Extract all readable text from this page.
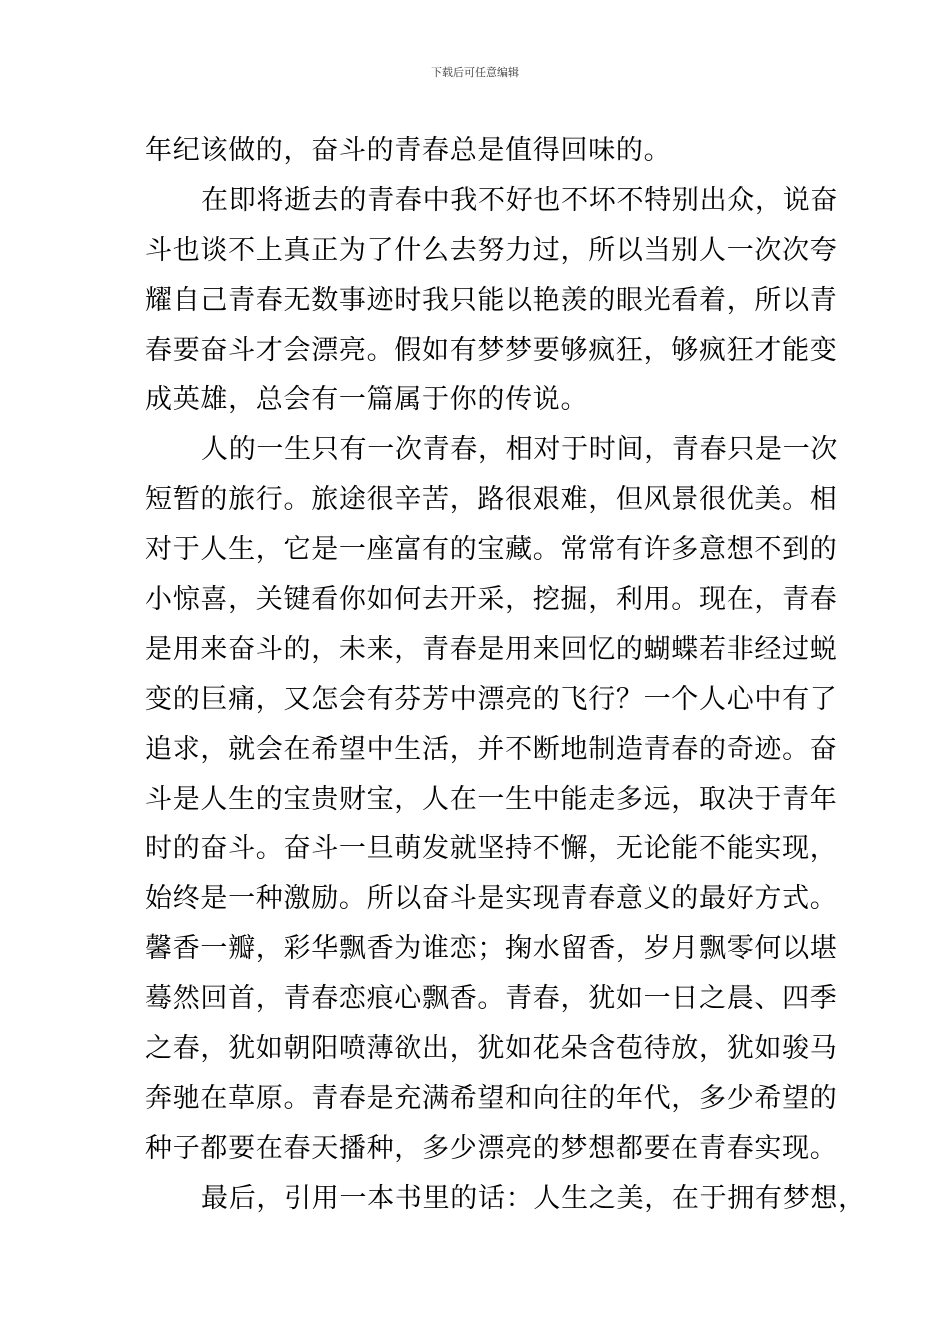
下载后可任意编辑
年纪该做的，奋斗的青春总是值得回味的。
在即将逝去的青春中我不好也不坏不特别出众，说奋
斗也谈不上真正为了什么去努力过，所以当别人一次次夸
耀自己青春无数事迹时我只能以艳羡的眼光看着，所以青
春要奋斗才会漂亮。假如有梦梦要够疯狂，够疯狂才能变
成英雄，总会有一篇属于你的传说。
人的一生只有一次青春，相对于时间，青春只是一次
短暂的旅行。旅途很辛苦，路很艰难，但风景很优美。相
对于人生，它是一座富有的宝藏。常常有许多意想不到的
小惊喜，关键看你如何去开采，挖掘，利用。现在，青春
是用来奋斗的，未来，青春是用来回忆的蝴蝶若非经过蜕
变的巨痛，又怎会有芬芳中漂亮的飞行？一个人心中有了
追求，就会在希望中生活，并不断地制造青春的奇迹。奋
斗是人生的宝贵财宝，人在一生中能走多远，取决于青年
时的奋斗。奋斗一旦萌发就坚持不懈，无论能不能实现，
始终是一种激励。所以奋斗是实现青春意义的最好方式。
馨香一瓣，彩华飘香为谁恋；掬水留香，岁月飘零何以堪
蓦然回首，青春恋痕心飘香。青春，犹如一日之晨、四季
之春，犹如朝阳喷薄欲出，犹如花朵含苞待放，犹如骏马
奔驰在草原。青春是充满希望和向往的年代，多少希望的
种子都要在春天播种，多少漂亮的梦想都要在青春实现。
最后，引用一本书里的话：人生之美，在于拥有梦想，
